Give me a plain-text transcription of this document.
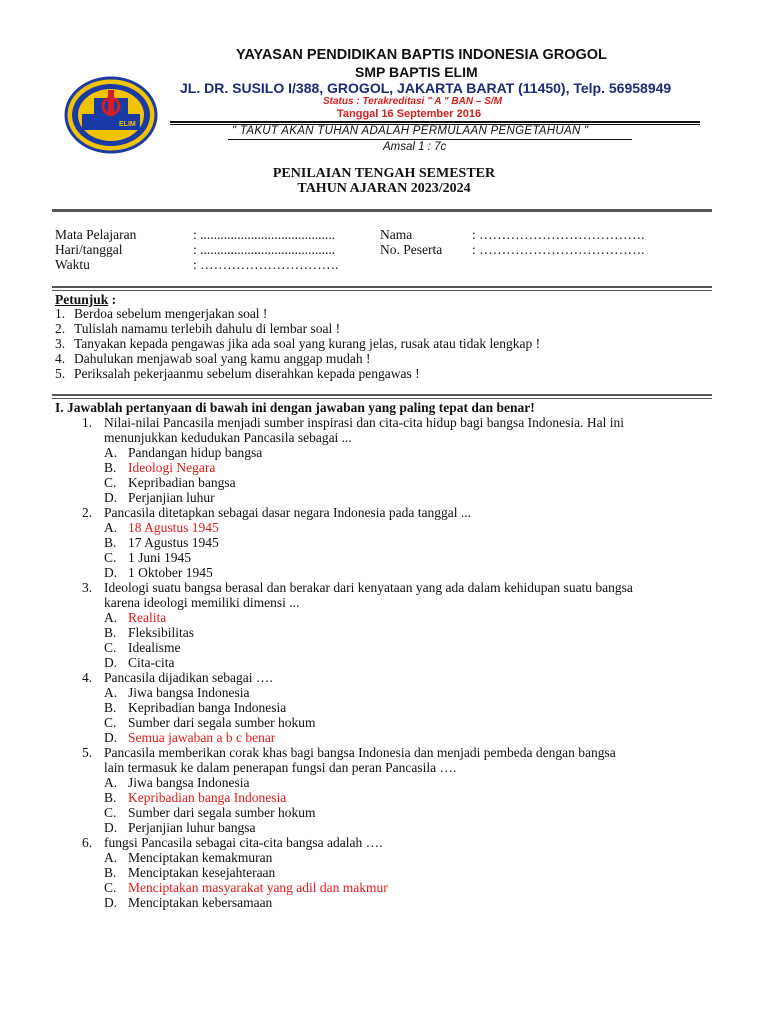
ELIM
YAYASAN PENDIDIKAN BAPTIS INDONESIA GROGOL
SMP BAPTIS ELIM
JL. DR. SUSILO I/388, GROGOL, JAKARTA BARAT (11450), Telp. 56958949
Status : Terakreditasi " A " BAN – S/M
Tanggal 16 September 2016
" TAKUT AKAN TUHAN ADALAH PERMULAAN PENGETAHUAN "
Amsal 1 : 7c
PENILAIAN TENGAH SEMESTER
TAHUN AJARAN 2023/2024
Mata Pelajaran	: ........................................	Nama	: ……………………………….
Hari/tanggal	: ........................................	No. Peserta : ……………………………….
Waktu	: ………………………….
Petunjuk :
1. Berdoa sebelum mengerjakan soal !
2. Tulislah namamu terlebih dahulu di lembar soal !
3. Tanyakan kepada pengawas jika ada soal yang kurang jelas, rusak atau tidak lengkap !
4. Dahulukan menjawab soal yang kamu anggap mudah !
5. Periksalah pekerjaanmu sebelum diserahkan kepada pengawas !
I. Jawablah pertanyaan di bawah ini dengan jawaban yang paling tepat dan benar!
1. Nilai-nilai Pancasila menjadi sumber inspirasi dan cita-cita hidup bagi bangsa Indonesia. Hal ini
menunjukkan kedudukan Pancasila sebagai ...
A. Pandangan hidup bangsa
B. Ideologi Negara
C. Kepribadian bangsa
D. Perjanjian luhur
2. Pancasila ditetapkan sebagai dasar negara Indonesia pada tanggal ...
A. 18 Agustus 1945
B. 17 Agustus 1945
C. 1 Juni 1945
D. 1 Oktober 1945
3. Ideologi suatu bangsa berasal dan berakar dari kenyataan yang ada dalam kehidupan suatu bangsa
karena ideologi memiliki dimensi ...
A. Realita
B. Fleksibilitas
C. Idealisme
D. Cita-cita
4. Pancasila dijadikan sebagai ….
A. Jiwa bangsa Indonesia
B. Kepribadian banga Indonesia
C. Sumber dari segala sumber hokum
D. Semua jawaban a b c benar
5. Pancasila memberikan corak khas bagi bangsa Indonesia dan menjadi pembeda dengan bangsa
lain termasuk ke dalam penerapan fungsi dan peran Pancasila ….
A. Jiwa bangsa Indonesia
B. Kepribadian banga Indonesia
C. Sumber dari segala sumber hokum
D. Perjanjian luhur bangsa
6. fungsi Pancasila sebagai cita-cita bangsa adalah ….
A. Menciptakan kemakmuran
B. Menciptakan kesejahteraan
C. Menciptakan masyarakat yang adil dan makmur
D. Menciptakan kebersamaan
